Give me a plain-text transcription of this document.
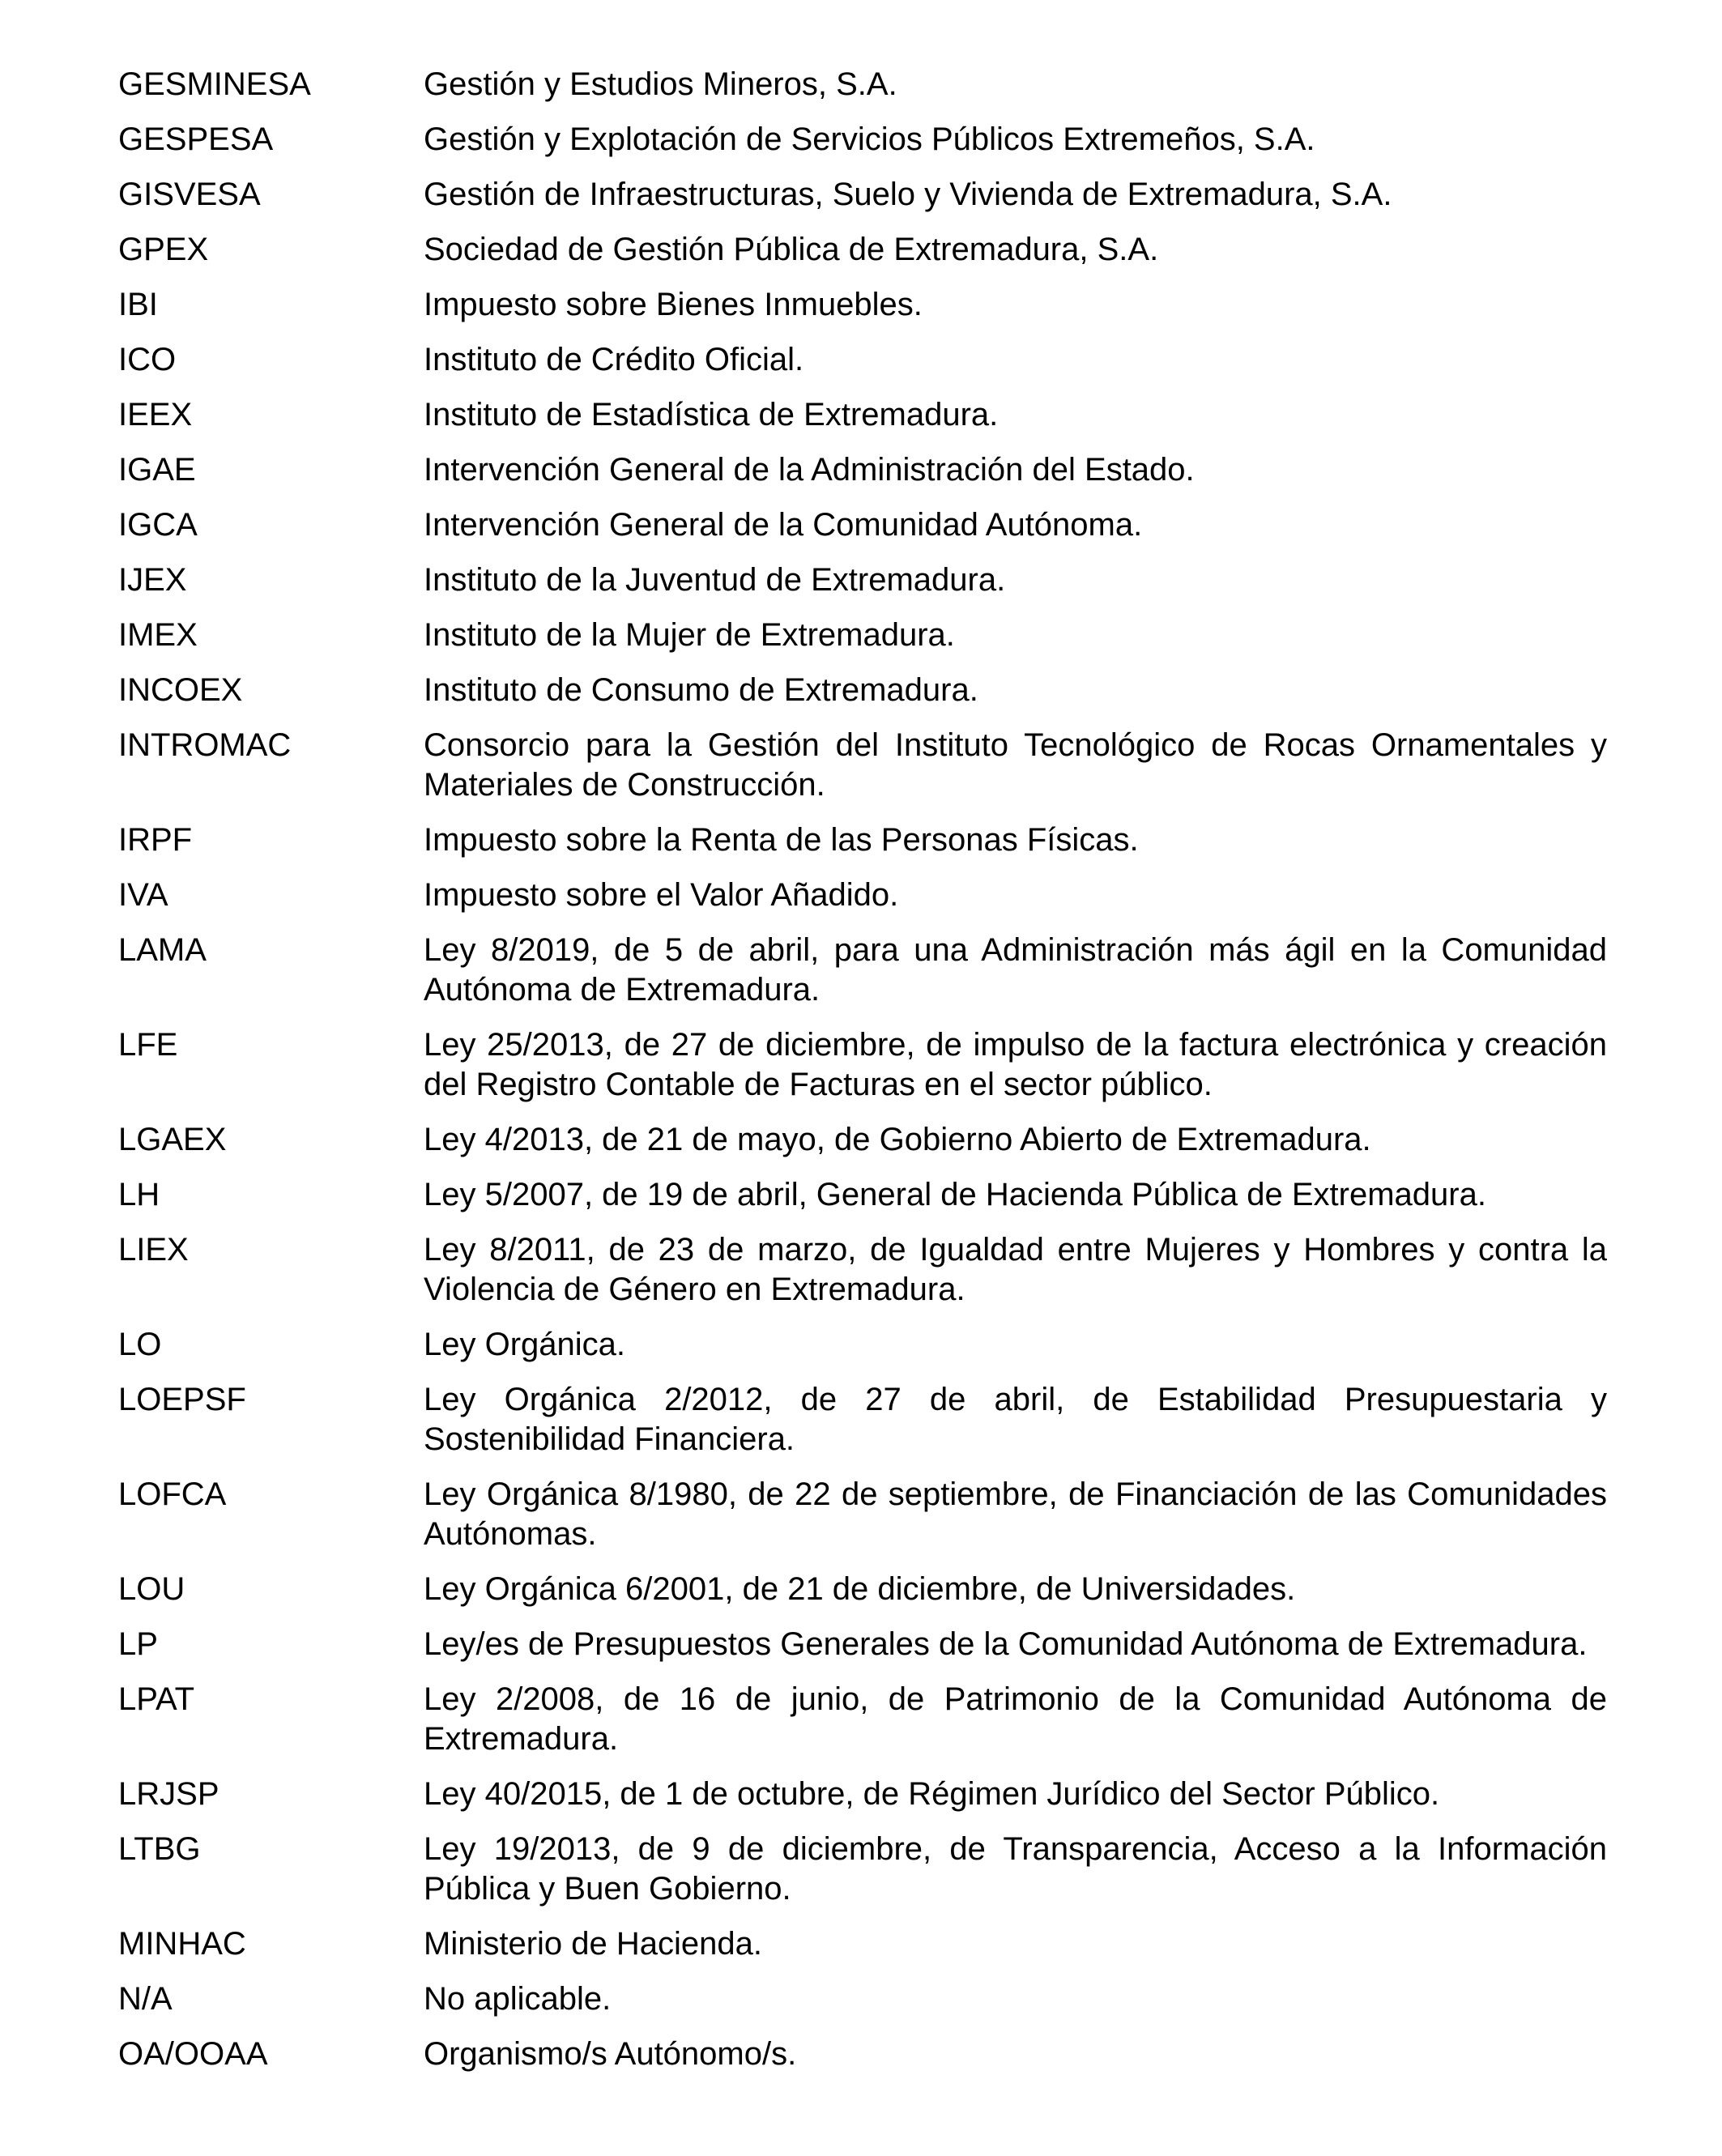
GESMINESA	Gestión y Estudios Mineros, S.A.
GESPESA	Gestión y Explotación de Servicios Públicos Extremeños, S.A.
GISVESA	Gestión de Infraestructuras, Suelo y Vivienda de Extremadura, S.A.
GPEX	Sociedad de Gestión Pública de Extremadura, S.A.
IBI	Impuesto sobre Bienes Inmuebles.
ICO	Instituto de Crédito Oficial.
IEEX	Instituto de Estadística de Extremadura.
IGAE	Intervención General de la Administración del Estado.
IGCA	Intervención General de la Comunidad Autónoma.
IJEX	Instituto de la Juventud de Extremadura.
IMEX	Instituto de la Mujer de Extremadura.
INCOEX	Instituto de Consumo de Extremadura.
INTROMAC	Consorcio para la Gestión del Instituto Tecnológico de Rocas Ornamentales y Materiales de Construcción.
IRPF	Impuesto sobre la Renta de las Personas Físicas.
IVA	Impuesto sobre el Valor Añadido.
LAMA	Ley 8/2019, de 5 de abril, para una Administración más ágil en la Comunidad Autónoma de Extremadura.
LFE	Ley 25/2013, de 27 de diciembre, de impulso de la factura electrónica y creación del Registro Contable de Facturas en el sector público.
LGAEX	Ley 4/2013, de 21 de mayo, de Gobierno Abierto de Extremadura.
LH	Ley 5/2007, de 19 de abril, General de Hacienda Pública de Extremadura.
LIEX	Ley 8/2011, de 23 de marzo, de Igualdad entre Mujeres y Hombres y contra la Violencia de Género en Extremadura.
LO	Ley Orgánica.
LOEPSF	Ley Orgánica 2/2012, de 27 de abril, de Estabilidad Presupuestaria y Sostenibilidad Financiera.
LOFCA	Ley Orgánica 8/1980, de 22 de septiembre, de Financiación de las Comunidades Autónomas.
LOU	Ley Orgánica 6/2001, de 21 de diciembre, de Universidades.
LP	Ley/es de Presupuestos Generales de la Comunidad Autónoma de Extremadura.
LPAT	Ley 2/2008, de 16 de junio, de Patrimonio de la Comunidad Autónoma de Extremadura.
LRJSP	Ley 40/2015, de 1 de octubre, de Régimen Jurídico del Sector Público.
LTBG	Ley 19/2013, de 9 de diciembre, de Transparencia, Acceso a la Información Pública y Buen Gobierno.
MINHAC	Ministerio de Hacienda.
N/A	No aplicable.
OA/OOAA	Organismo/s Autónomo/s.
